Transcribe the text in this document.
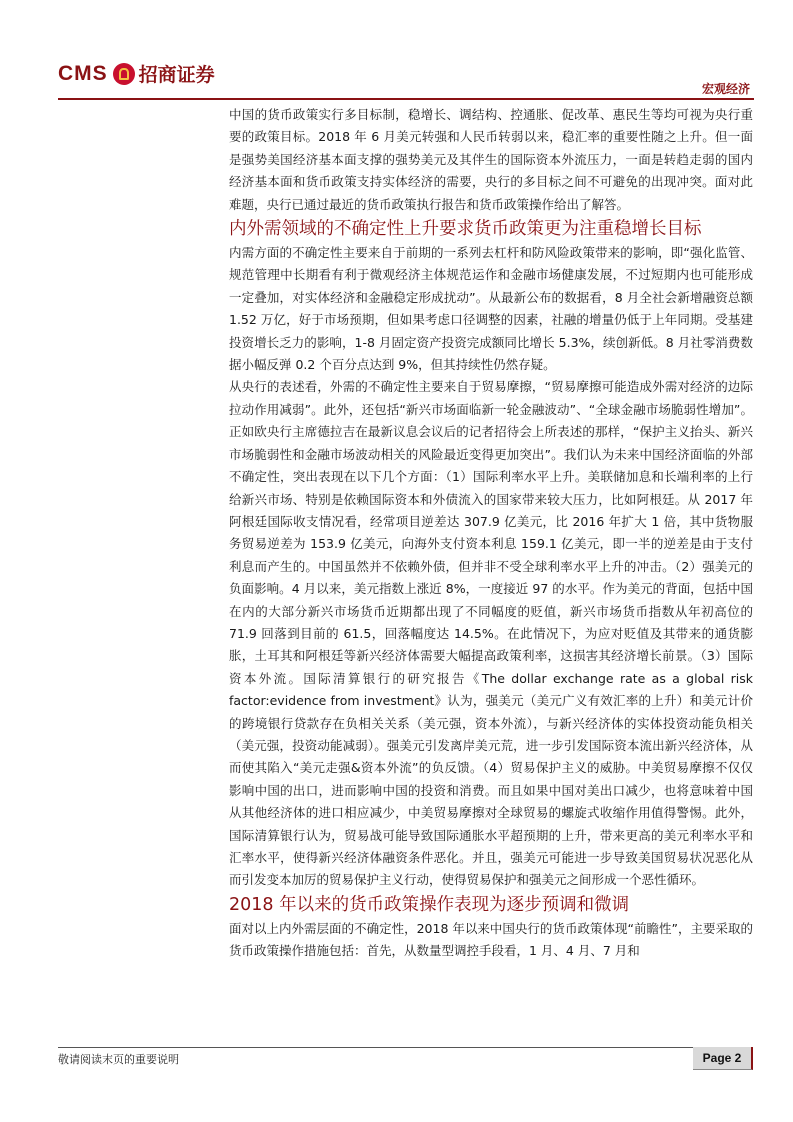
CMS 招商证券
宏观经济

中国的货币政策实行多目标制，稳增长、调结构、控通胀、促改革、惠民生等均可视为央行重要的政策目标。2018 年 6 月美元转强和人民币转弱以来，稳汇率的重要性随之上升。但一面是强势美国经济基本面支撑的强势美元及其伴生的国际资本外流压力，一面是转趋走弱的国内经济基本面和货币政策支持实体经济的需要，央行的多目标之间不可避免的出现冲突。面对此难题，央行已通过最近的货币政策执行报告和货币政策操作给出了解答。

内外需领域的不确定性上升要求货币政策更为注重稳增长目标

内需方面的不确定性主要来自于前期的一系列去杠杆和防风险政策带来的影响，即“强化监管、规范管理中长期看有利于微观经济主体规范运作和金融市场健康发展，不过短期内也可能形成一定叠加，对实体经济和金融稳定形成扰动”。从最新公布的数据看，8 月全社会新增融资总额 1.52 万亿，好于市场预期，但如果考虑口径调整的因素，社融的增量仍低于上年同期。受基建投资增长乏力的影响，1-8 月固定资产投资完成额同比增长 5.3%，续创新低。8 月社零消费数据小幅反弹 0.2 个百分点达到 9%，但其持续性仍然存疑。

从央行的表述看，外需的不确定性主要来自于贸易摩擦，“贸易摩擦可能造成外需对经济的边际拉动作用减弱”。此外，还包括“新兴市场面临新一轮金融波动”、“全球金融市场脆弱性增加”。正如欧央行主席德拉吉在最新议息会议后的记者招待会上所表述的那样，“保护主义抬头、新兴市场脆弱性和金融市场波动相关的风险最近变得更加突出”。我们认为未来中国经济面临的外部不确定性，突出表现在以下几个方面：（1）国际利率水平上升。美联储加息和长端利率的上行给新兴市场、特别是依赖国际资本和外债流入的国家带来较大压力，比如阿根廷。从 2017 年阿根廷国际收支情况看，经常项目逆差达 307.9 亿美元，比 2016 年扩大 1 倍，其中货物服务贸易逆差为 153.9 亿美元，向海外支付资本利息 159.1 亿美元，即一半的逆差是由于支付利息而产生的。中国虽然并不依赖外债，但并非不受全球利率水平上升的冲击。（2）强美元的负面影响。4 月以来，美元指数上涨近 8%，一度接近 97 的水平。作为美元的背面，包括中国在内的大部分新兴市场货币近期都出现了不同幅度的贬值，新兴市场货币指数从年初高位的 71.9 回落到目前的 61.5，回落幅度达 14.5%。在此情况下，为应对贬值及其带来的通货膨胀，土耳其和阿根廷等新兴经济体需要大幅提高政策利率，这损害其经济增长前景。（3）国际资本外流。国际清算银行的研究报告《The dollar exchange rate as a global risk factor:evidence from investment》认为，强美元（美元广义有效汇率的上升）和美元计价的跨境银行贷款存在负相关关系（美元强，资本外流），与新兴经济体的实体投资动能负相关（美元强，投资动能减弱）。强美元引发离岸美元荒，进一步引发国际资本流出新兴经济体，从而使其陷入“美元走强&资本外流”的负反馈。（4）贸易保护主义的威胁。中美贸易摩擦不仅仅影响中国的出口，进而影响中国的投资和消费。而且如果中国对美出口减少，也将意味着中国从其他经济体的进口相应减少，中美贸易摩擦对全球贸易的螺旋式收缩作用值得警惕。此外，国际清算银行认为，贸易战可能导致国际通胀水平超预期的上升，带来更高的美元利率水平和汇率水平，使得新兴经济体融资条件恶化。并且，强美元可能进一步导致美国贸易状况恶化从而引发变本加厉的贸易保护主义行动，使得贸易保护和强美元之间形成一个恶性循环。

2018 年以来的货币政策操作表现为逐步预调和微调

面对以上内外需层面的不确定性，2018 年以来中国央行的货币政策体现“前瞻性”，主要采取的货币政策操作措施包括：首先，从数量型调控手段看，1 月、4 月、7 月和

敬请阅读末页的重要说明	Page 2
